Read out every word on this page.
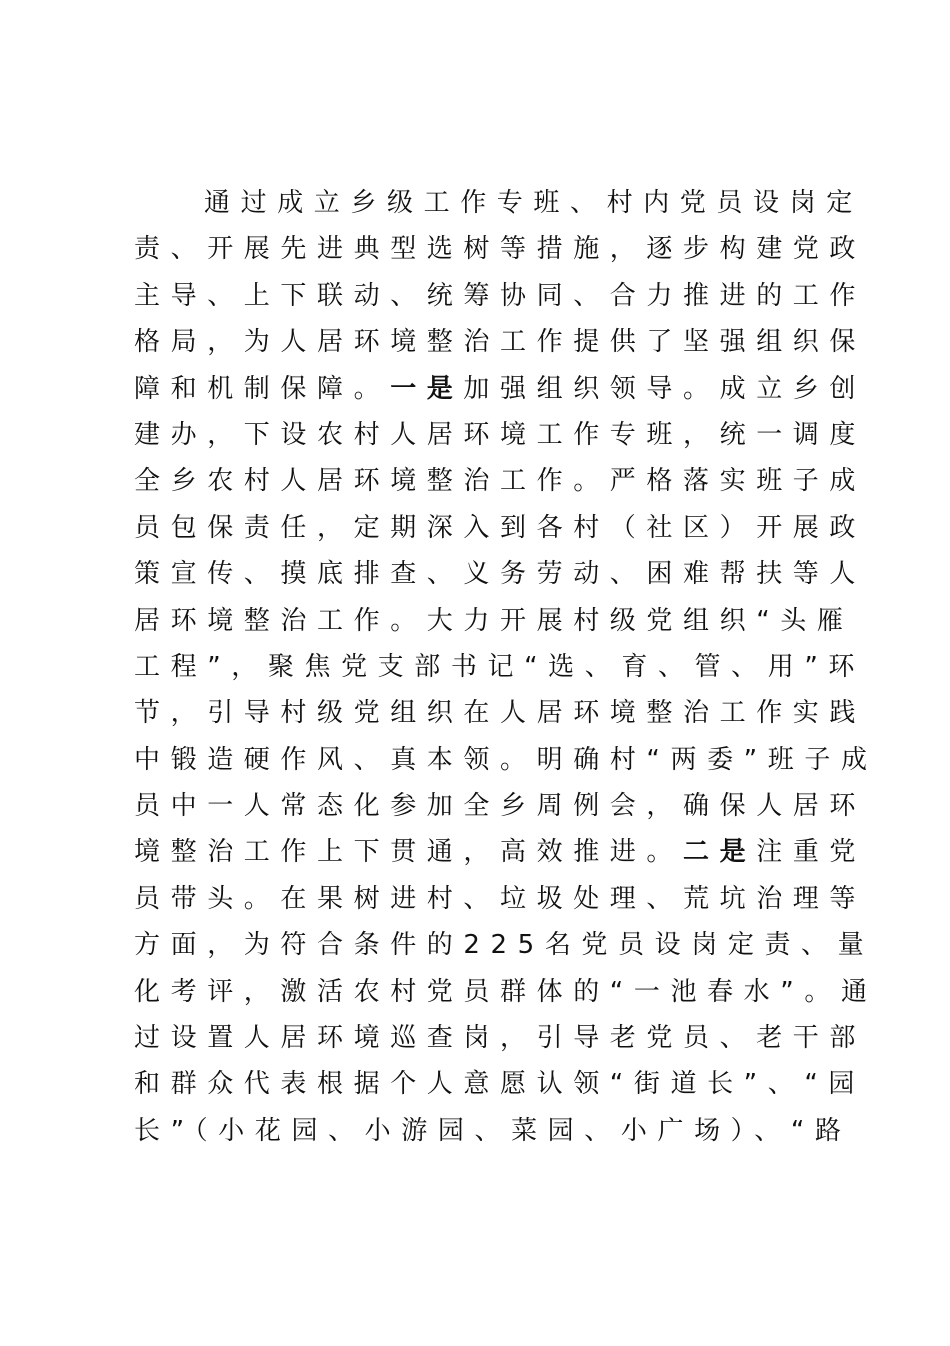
通过成立乡级工作专班、村内党员设岗定
责、开展先进典型选树等措施，逐步构建党政
主导、上下联动、统筹协同、合力推进的工作
格局，为人居环境整治工作提供了坚强组织保
障和机制保障。一是加强组织领导。成立乡创
建办，下设农村人居环境工作专班，统一调度
全乡农村人居环境整治工作。严格落实班子成
员包保责任，定期深入到各村（社区）开展政
策宣传、摸底排查、义务劳动、困难帮扶等人
居环境整治工作。大力开展村级党组织“头雁
工程”，聚焦党支部书记“选、育、管、用”环
节，引导村级党组织在人居环境整治工作实践
中锻造硬作风、真本领。明确村“两委”班子成
员中一人常态化参加全乡周例会，确保人居环
境整治工作上下贯通，高效推进。二是注重党
员带头。在果树进村、垃圾处理、荒坑治理等
方面，为符合条件的225名党员设岗定责、量
化考评，激活农村党员群体的“一池春水”。通
过设置人居环境巡查岗，引导老党员、老干部
和群众代表根据个人意愿认领“街道长”、“园
长”（小花园、小游园、菜园、小广场）、“路
